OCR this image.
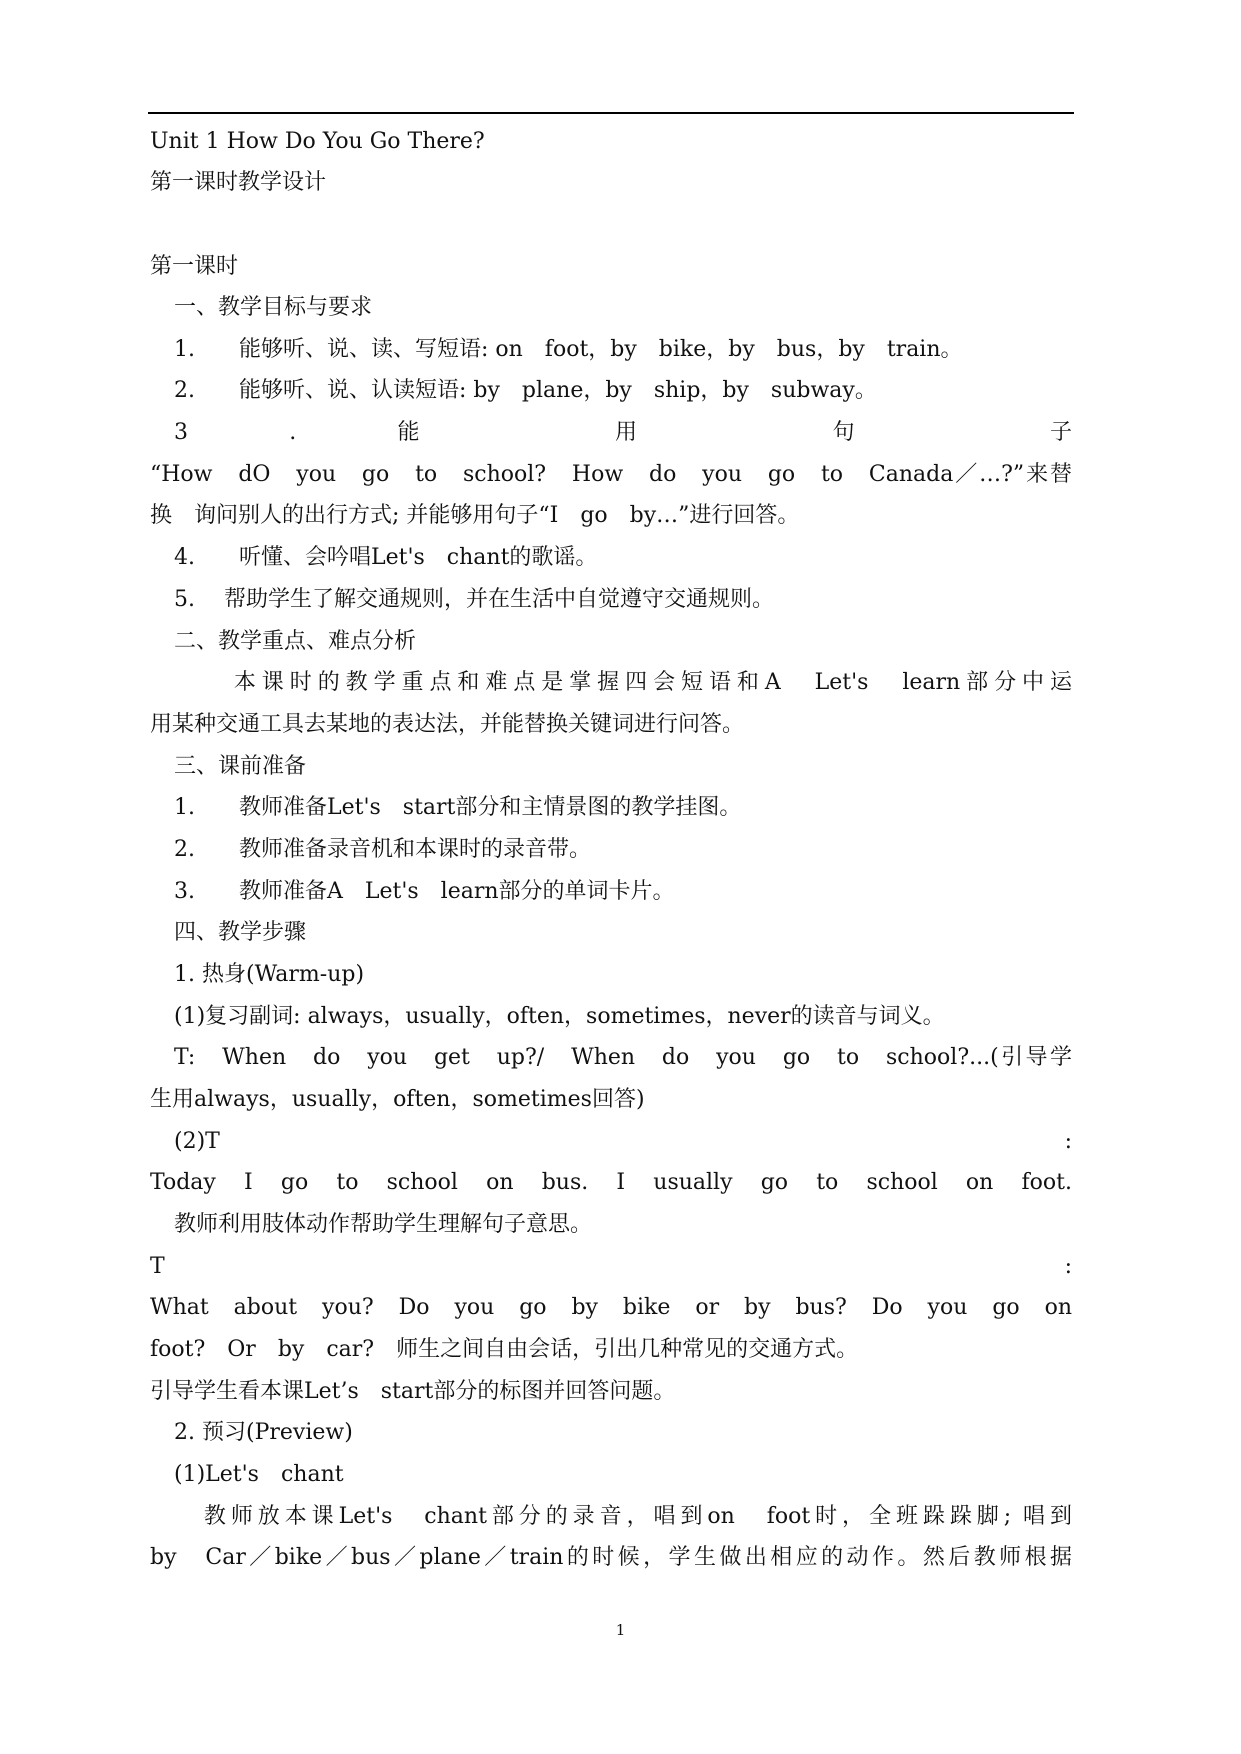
Unit 1 How Do You Go There?
第一课时教学设计
第一课时
一、教学目标与要求
1.　　能够听、说、读、写短语: on　foot，by　bike，by　bus，by　train。
2.　　能够听、说、认读短语: by　plane，by　ship，by　subway。
3 . 能 用 句 子
“How　dO　you　go　to　school?　How　do　you　go　to　Canada／…?”来替
换　询问别人的出行方式; 并能够用句子“I　go　by…”进行回答。
4.　　听懂、会吟唱Let's　chant的歌谣。
5.　 帮助学生了解交通规则，并在生活中自觉遵守交通规则。
二、教学重点、难点分析
　　　本课时的教学重点和难点是掌握四会短语和A　Let's　learn部分中运
用某种交通工具去某地的表达法，并能替换关键词进行问答。
三、课前准备
1.　　教师准备Let's　start部分和主情景图的教学挂图。
2.　　教师准备录音机和本课时的录音带。
3.　　教师准备A　Let's　learn部分的单词卡片。
四、教学步骤
1. 热身(Warm-up)
(1)复习副词: always，usually，often，sometimes，never的读音与词义。
T:　When　do　you　get　up?/　When　do　you　go　to　school?...(引导学
生用always，usually，often，sometimes回答)
(2)T :
Today　I　go　to　school　on　bus.　I　usually　go　to　school　on　foot.
教师利用肢体动作帮助学生理解句子意思。
T :
What　about　you?　Do　you　go　by　bike　or　by　bus?　Do　you　go　on
foot?　Or　by　car?　师生之间自由会话，引出几种常见的交通方式。
引导学生看本课Let’s　start部分的标图并回答问题。
2. 预习(Preview)
(1)Let's　chant
　　教师放本课Let's　chant部分的录音，唱到on　foot时，全班跺跺脚; 唱到
by　Car／bike／bus／plane／train的时候，学生做出相应的动作。然后教师根据
1
